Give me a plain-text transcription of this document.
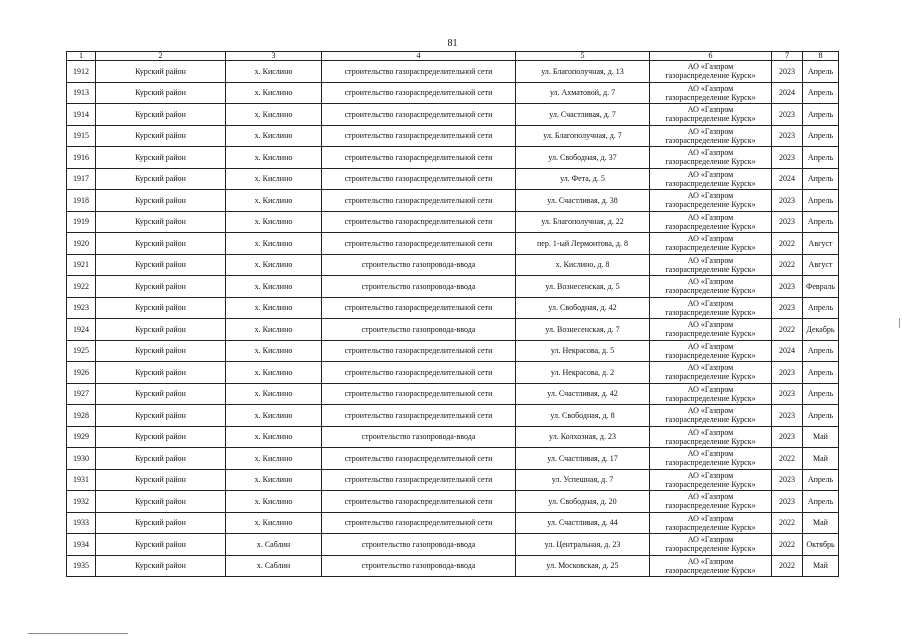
81
1	2	3	4	5	6	7	8
1912	Курский район	х. Кислино	строительство газораспределительной сети	ул. Благополучная, д. 13	АО «Газпром
газораспределение Курск»	2023	Апрель
1913	Курский район	х. Кислино	строительство газораспределительной сети	ул. Ахматовой, д. 7	АО «Газпром
газораспределение Курск»	2024	Апрель
1914	Курский район	х. Кислино	строительство газораспределительной сети	ул. Счастливая, д. 7	АО «Газпром
газораспределение Курск»	2023	Апрель
1915	Курский район	х. Кислино	строительство газораспределительной сети	ул. Благополучная, д. 7	АО «Газпром
газораспределение Курск»	2023	Апрель
1916	Курский район	х. Кислино	строительство газораспределительной сети	ул. Свободная, д. 37	АО «Газпром
газораспределение Курск»	2023	Апрель
1917	Курский район	х. Кислино	строительство газораспределительной сети	ул. Фета, д. 5	АО «Газпром
газораспределение Курск»	2024	Апрель
1918	Курский район	х. Кислино	строительство газораспределительной сети	ул. Счастливая, д. 38	АО «Газпром
газораспределение Курск»	2023	Апрель
1919	Курский район	х. Кислино	строительство газораспределительной сети	ул. Благополучная, д. 22	АО «Газпром
газораспределение Курск»	2023	Апрель
1920	Курский район	х. Кислино	строительство газораспределительной сети	пер. 1-ый Лермонтова, д. 8	АО «Газпром
газораспределение Курск»	2022	Август
1921	Курский район	х. Кислино	строительство газопровода-ввода	х. Кислино, д. 8	АО «Газпром
газораспределение Курск»	2022	Август
1922	Курский район	х. Кислино	строительство газопровода-ввода	ул. Вознесенская, д. 5	АО «Газпром
газораспределение Курск»	2023	Февраль
1923	Курский район	х. Кислино	строительство газораспределительной сети	ул. Свободная, д. 42	АО «Газпром
газораспределение Курск»	2023	Апрель
1924	Курский район	х. Кислино	строительство газопровода-ввода	ул. Вознесенская, д. 7	АО «Газпром
газораспределение Курск»	2022	Декабрь
1925	Курский район	х. Кислино	строительство газораспределительной сети	ул. Некрасова, д. 5	АО «Газпром
газораспределение Курск»	2024	Апрель
1926	Курский район	х. Кислино	строительство газораспределительной сети	ул. Некрасова, д. 2	АО «Газпром
газораспределение Курск»	2023	Апрель
1927	Курский район	х. Кислино	строительство газораспределительной сети	ул. Счастливая, д. 42	АО «Газпром
газораспределение Курск»	2023	Апрель
1928	Курский район	х. Кислино	строительство газораспределительной сети	ул. Свободная, д. 8	АО «Газпром
газораспределение Курск»	2023	Апрель
1929	Курский район	х. Кислино	строительство газопровода-ввода	ул. Колхозная, д. 23	АО «Газпром
газораспределение Курск»	2023	Май
1930	Курский район	х. Кислино	строительство газораспределительной сети	ул. Счастливая, д. 17	АО «Газпром
газораспределение Курск»	2022	Май
1931	Курский район	х. Кислино	строительство газораспределительной сети	ул. Успешная, д. 7	АО «Газпром
газораспределение Курск»	2023	Апрель
1932	Курский район	х. Кислино	строительство газораспределительной сети	ул. Свободная, д. 20	АО «Газпром
газораспределение Курск»	2023	Апрель
1933	Курский район	х. Кислино	строительство газораспределительной сети	ул. Счастливая, д. 44	АО «Газпром
газораспределение Курск»	2022	Май
1934	Курский район	х. Саблин	строительство газопровода-ввода	ул. Центральная, д. 23	АО «Газпром
газораспределение Курск»	2022	Октябрь
1935	Курский район	х. Саблин	строительство газопровода-ввода	ул. Московская, д. 25	АО «Газпром
газораспределение Курск»	2022	Май
